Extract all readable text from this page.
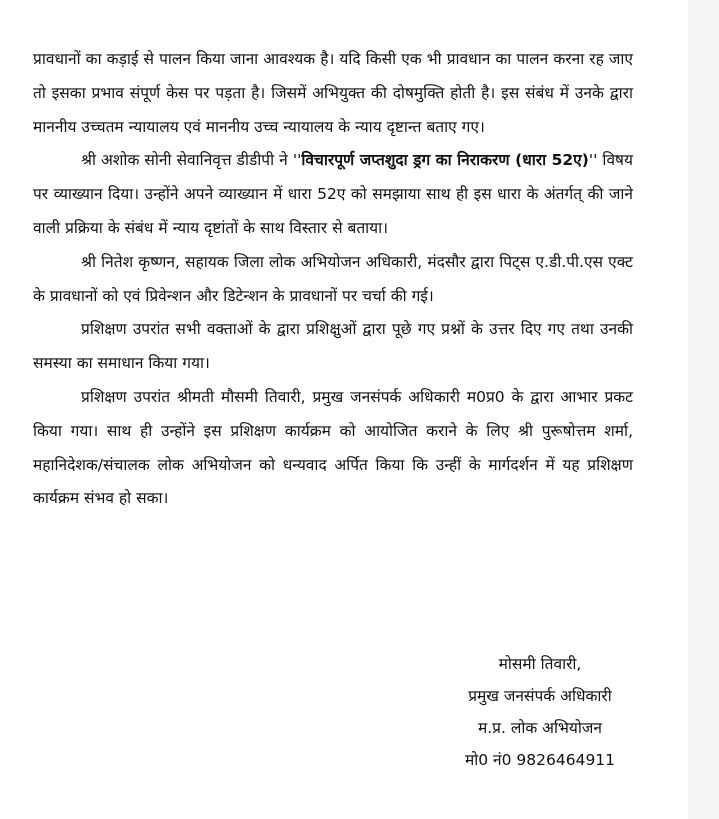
प्रावधानों का कड़ाई से पालन किया जाना आवश्यक है। यदि किसी एक भी प्रावधान का पालन करना रह जाए तो इसका प्रभाव संपूर्ण केस पर पड़ता है। जिसमें अभियुक्त की दोषमुक्ति होती है। इस संबंध में उनके द्वारा माननीय उच्चतम न्यायालय एवं माननीय उच्च न्यायालय के न्याय दृष्टान्त बताए गए।

श्री अशोक सोनी सेवानिवृत्त डीडीपी ने ''विचारपूर्ण जप्तशुदा ड्रग का निराकरण (धारा 52ए)'' विषय पर व्याख्यान दिया। उन्होंने अपने व्याख्यान में धारा 52ए को समझाया साथ ही इस धारा के अंतर्गत् की जाने वाली प्रक्रिया के संबंध में न्याय दृष्टांतों के साथ विस्तार से बताया।

श्री नितेश कृष्णन, सहायक जिला लोक अभियोजन अधिकारी, मंदसौर द्वारा पिट्स ए.डी.पी.एस एक्ट के प्रावधानों को एवं प्रिवेन्शन और डिटेन्शन के प्रावधानों पर चर्चा की गई।

प्रशिक्षण उपरांत सभी वक्ताओं के द्वारा प्रशिक्षुओं द्वारा पूछे गए प्रश्नों के उत्तर दिए गए तथा उनकी समस्या का समाधान किया गया।

प्रशिक्षण उपरांत श्रीमती मौसमी तिवारी, प्रमुख जनसंपर्क अधिकारी म0प्र0 के द्वारा आभार प्रकट किया गया। साथ ही उन्होंने इस प्रशिक्षण कार्यक्रम को आयोजित कराने के लिए श्री पुरूषोत्तम शर्मा, महानिदेशक/संचालक लोक अभियोजन को धन्यवाद अर्पित किया कि उन्हीं के मार्गदर्शन में यह प्रशिक्षण कार्यक्रम संभव हो सका।

मोसमी तिवारी,
प्रमुख जनसंपर्क अधिकारी
म.प्र. लोक अभियोजन
मो0 नं0 9826464911
